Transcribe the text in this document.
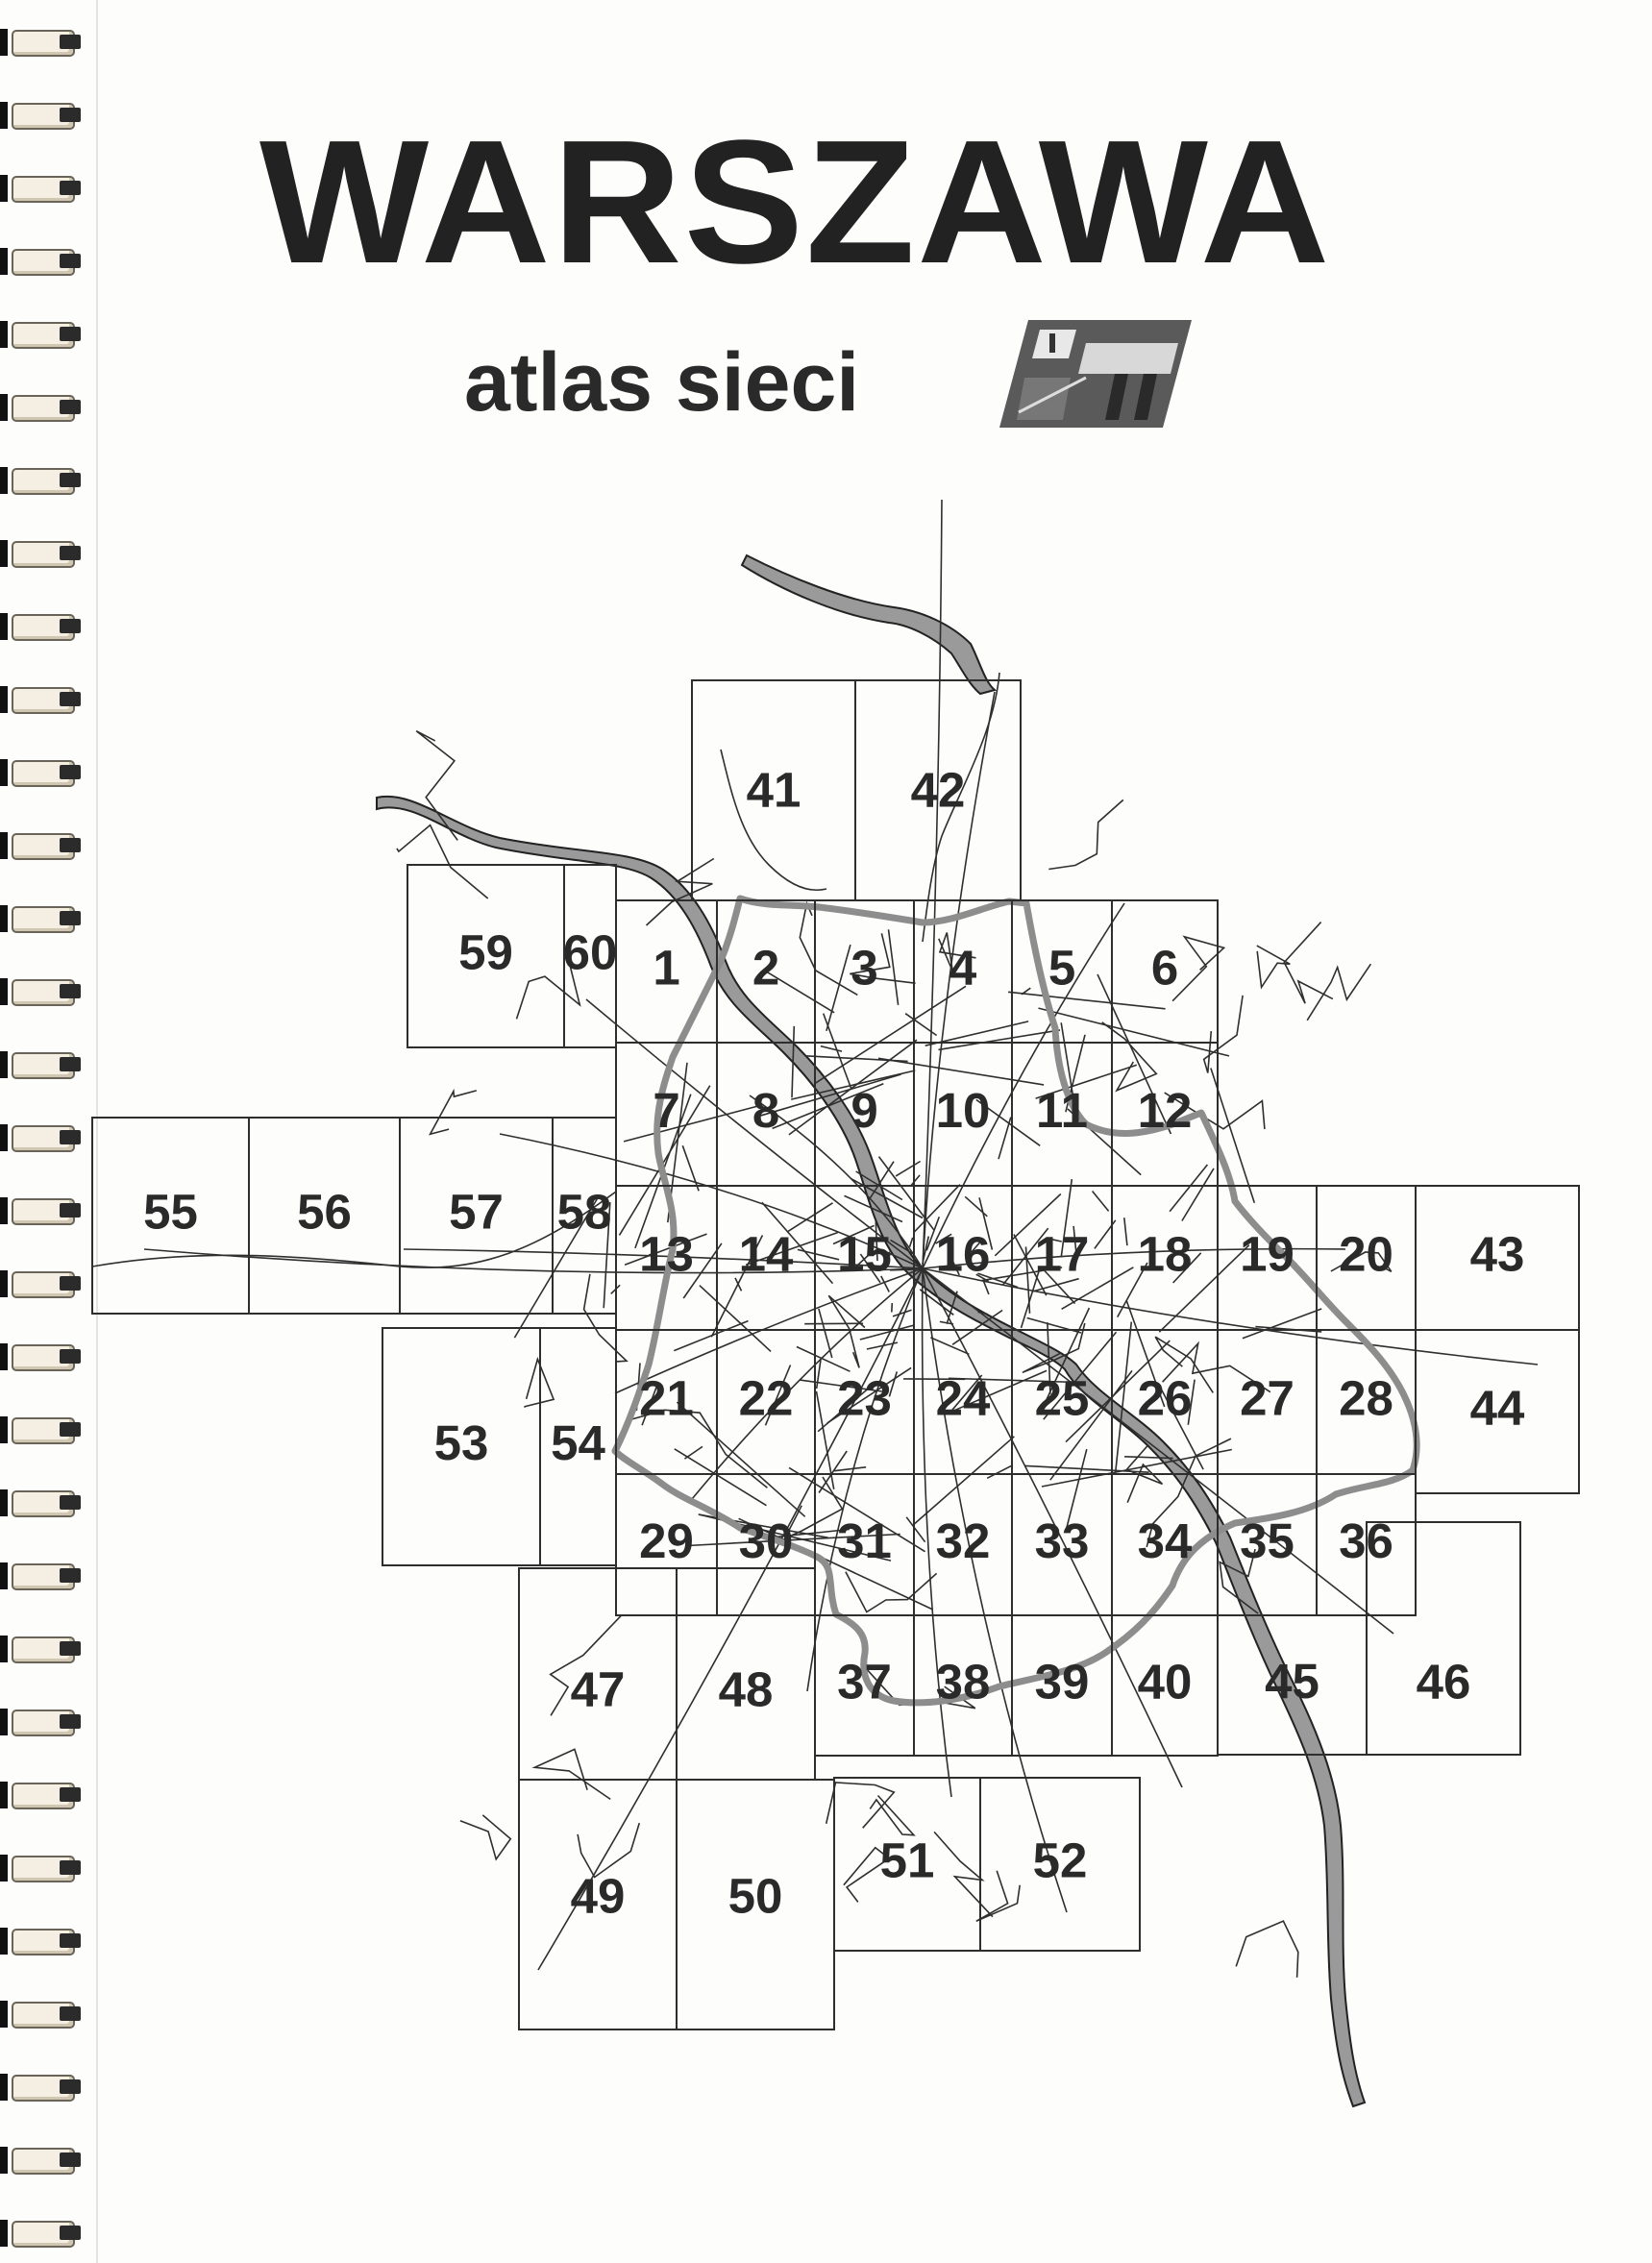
WARSZAWA
atlas sieci
1 2 3 4 5 6
7 8 9 10 11 12
13 14 15 16 17 18 19 20
21 22 23 24 25 26 27 28
29 30 31 32 33 34 35 36
37 38 39 40
41 42
43
44
45 46
47 48
49 50
51 52
53 54
55 56 57 58
59 60
